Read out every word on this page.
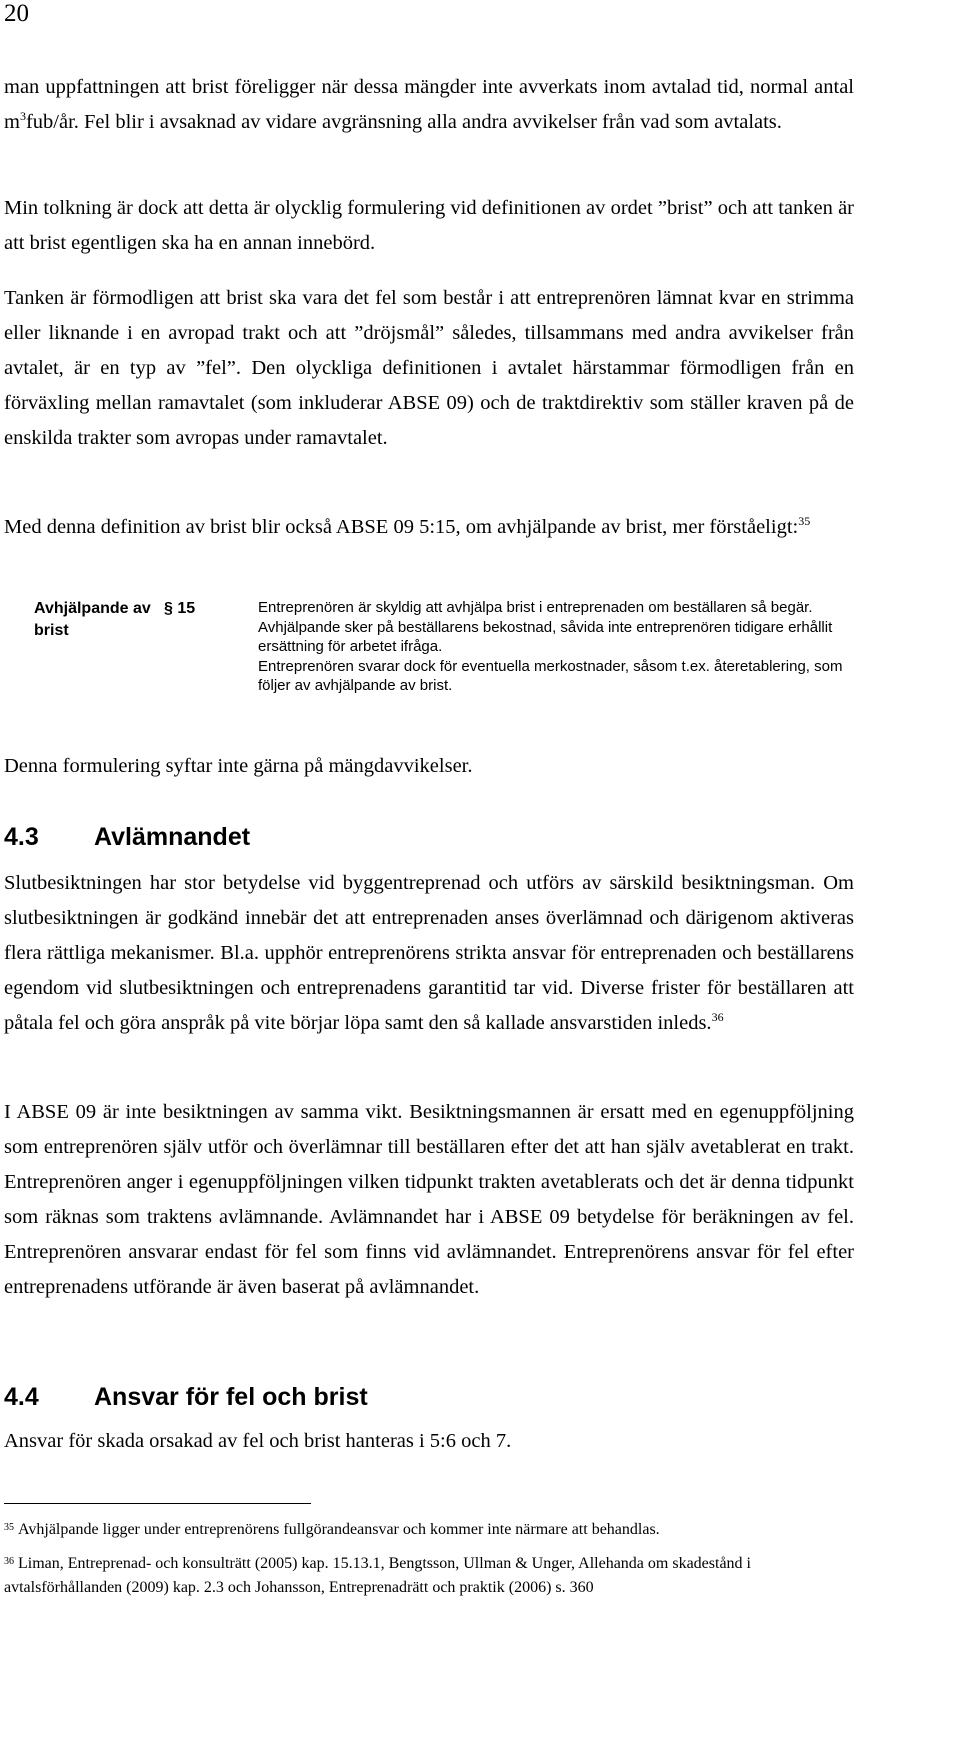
20

man uppfattningen att brist föreligger när dessa mängder inte avverkats inom avtalad tid, normal antal $m^3fub/år$. Fel blir i avsaknad av vidare avgränsning alla andra avvikelser från vad som avtalats.

Min tolkning är dock att detta är olycklig formulering vid definitionen av ordet ”brist” och att tanken är att brist egentligen ska ha en annan innebörd.

Tanken är förmodligen att brist ska vara det fel som består i att entreprenören lämnat kvar en strimma eller liknande i en avropad trakt och att ”dröjsmål” således, tillsammans med andra avvikelser från avtalet, är en typ av ”fel”. Den olyckliga definitionen i avtalet härstammar förmodligen från en förväxling mellan ramavtalet (som inkluderar ABSE 09) och de traktdirektiv som ställer kraven på de enskilda trakter som avropas under ramavtalet.

Med denna definition av brist blir också ABSE 09 5:15, om avhjälpande av brist, mer förståeligt:$^{35}$

Avhjälpande av brist
§ 15	Entreprenören är skyldig att avhjälpa brist i entreprenaden om beställaren så begär. Avhjälpande sker på beställarens bekostnad, såvida inte entreprenören tidigare erhållit ersättning för arbetet ifråga.
Entreprenören svarar dock för eventuella merkostnader, såsom t.ex. återetablering, som följer av avhjälpande av brist.

Denna formulering syftar inte gärna på mängdavvikelser.

4.3 Avlämnandet

Slutbesiktningen har stor betydelse vid byggentreprenad och utförs av särskild besiktningsman. Om slutbesiktningen är godkänd innebär det att entreprenaden anses överlämnad och därigenom aktiveras flera rättliga mekanismer. Bl.a. upphör entreprenörens strikta ansvar för entreprenaden och beställarens egendom vid slutbesiktningen och entreprenadens garantitid tar vid. Diverse frister för beställaren att påtala fel och göra anspråk på vite börjar löpa samt den så kallade ansvarstiden inleds.$^{36}$

I ABSE 09 är inte besiktningen av samma vikt. Besiktningsmannen är ersatt med en egenuppföljning som entreprenören själv utför och överlämnar till beställaren efter det att han själv avetablerat en trakt. Entreprenören anger i egenuppföljningen vilken tidpunkt trakten avetablerats och det är denna tidpunkt som räknas som traktens avlämnande. Avlämnandet har i ABSE 09 betydelse för beräkningen av fel. Entreprenören ansvarar endast för fel som finns vid avlämnandet. Entreprenörens ansvar för fel efter entreprenadens utförande är även baserat på avlämnandet.

4.4 Ansvar för fel och brist

Ansvar för skada orsakad av fel och brist hanteras i 5:6 och 7.

$^{35}$ Avhjälpande ligger under entreprenörens fullgörandeansvar och kommer inte närmare att behandlas.

$^{36}$ Liman, Entreprenad- och konsulträtt (2005) kap. 15.13.1, Bengtsson, Ullman & Unger, Allehanda om skadestånd i avtalsförhållanden (2009) kap. 2.3 och Johansson, Entreprenadrätt och praktik (2006) s. 360
